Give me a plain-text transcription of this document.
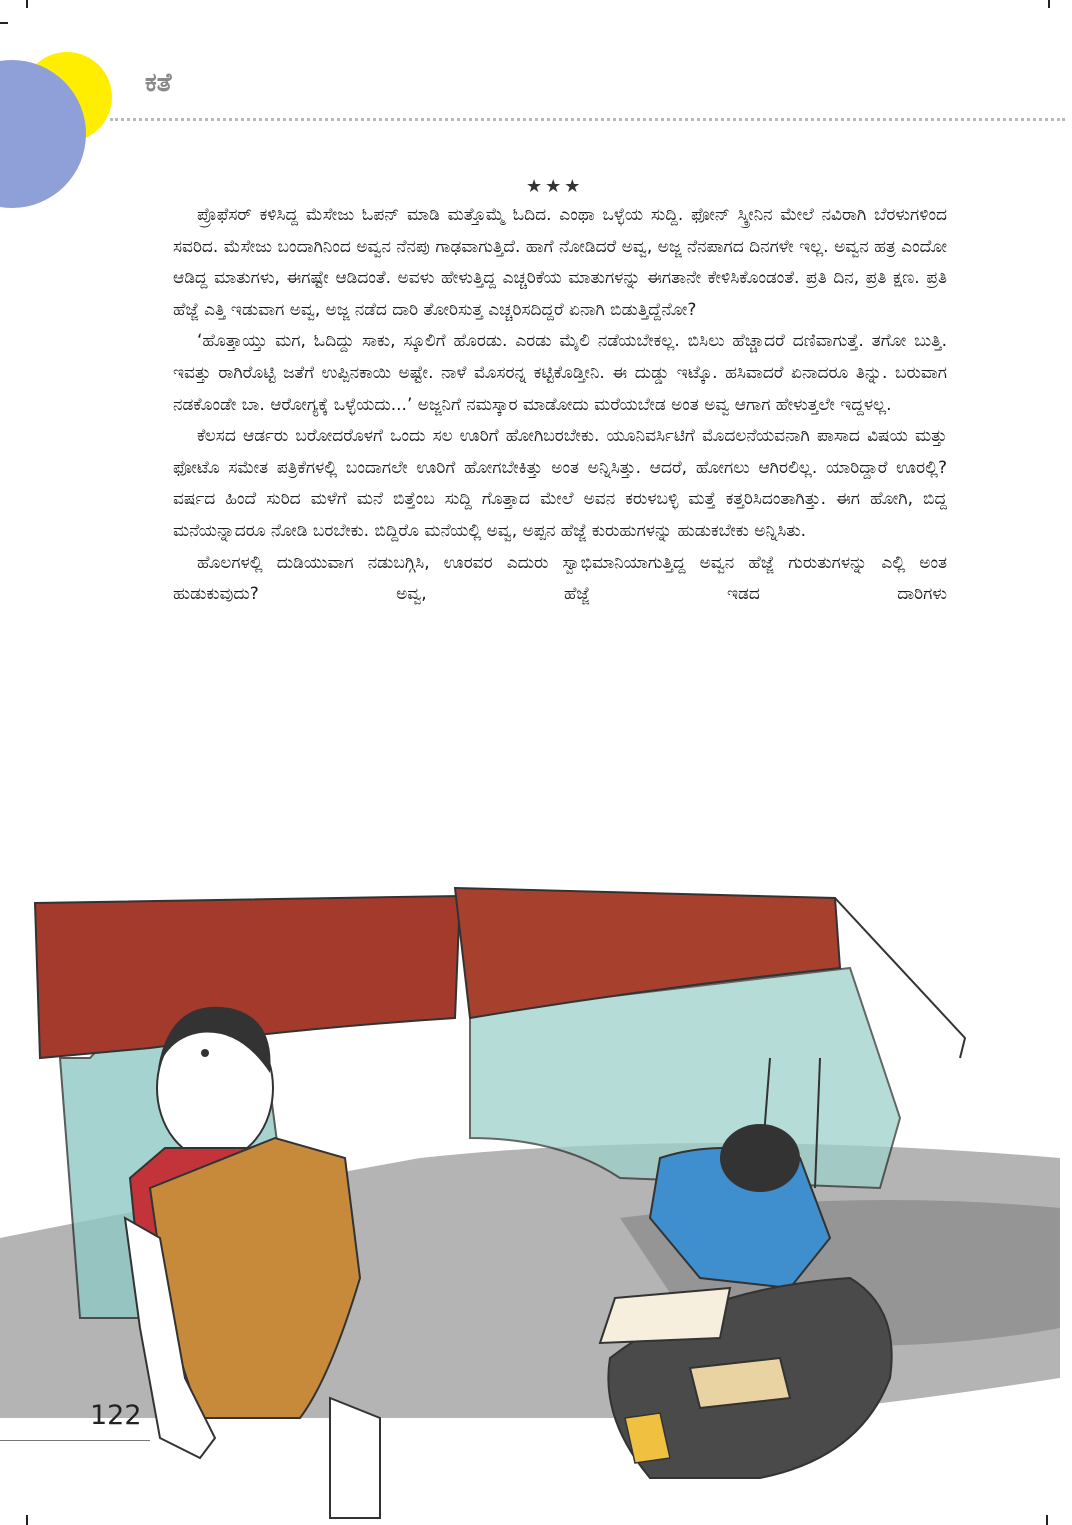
ಕತೆ
★★★

ಪ್ರೊಫೆಸರ್ ಕಳಿಸಿದ್ದ ಮೆಸೇಜು ಓಪನ್ ಮಾಡಿ ಮತ್ತೊಮ್ಮೆ ಓದಿದ. ಎಂಥಾ ಒಳ್ಳೆಯ ಸುದ್ದಿ. ಫೋನ್ ಸ್ಕ್ರೀನಿನ ಮೇಲೆ ನವಿರಾಗಿ ಬೆರಳುಗಳಿಂದ ಸವರಿದ. ಮೆಸೇಜು ಬಂದಾಗಿನಿಂದ ಅವ್ವನ ನೆನಪು ಗಾಢವಾಗುತ್ತಿದೆ. ಹಾಗೆ ನೋಡಿದರೆ ಅವ್ವ, ಅಜ್ಜ ನೆನಪಾಗದ ದಿನಗಳೇ ಇಲ್ಲ. ಅವ್ವನ ಹತ್ರ ಎಂದೋ ಆಡಿದ್ದ ಮಾತುಗಳು, ಈಗಷ್ಟೇ ಆಡಿದಂತೆ. ಅವಳು ಹೇಳುತ್ತಿದ್ದ ಎಚ್ಚರಿಕೆಯ ಮಾತುಗಳನ್ನು ಈಗತಾನೇ ಕೇಳಿಸಿಕೊಂಡಂತೆ. ಪ್ರತಿ ದಿನ, ಪ್ರತಿ ಕ್ಷಣ. ಪ್ರತಿ ಹೆಜ್ಜೆ ಎತ್ತಿ ಇಡುವಾಗ ಅವ್ವ, ಅಜ್ಜ ನಡೆದ ದಾರಿ ತೋರಿಸುತ್ತ ಎಚ್ಚರಿಸದಿದ್ದರೆ ಏನಾಗಿ ಬಿಡುತ್ತಿದ್ದೆನೋ?

‘ಹೊತ್ತಾಯ್ತು ಮಗ, ಓದಿದ್ದು ಸಾಕು, ಸ್ಕೂಲಿಗೆ ಹೊರಡು. ಎರಡು ಮೈಲಿ ನಡೆಯಬೇಕಲ್ಲ. ಬಿಸಿಲು ಹೆಚ್ಚಾದರೆ ದಣಿವಾಗುತ್ತೆ. ತಗೋ ಬುತ್ತಿ. ಇವತ್ತು ರಾಗಿರೊಟ್ಟಿ ಜತೆಗೆ ಉಪ್ಪಿನಕಾಯಿ ಅಷ್ಟೇ. ನಾಳೆ ಮೊಸರನ್ನ ಕಟ್ಟಿಕೊಡ್ತೀನಿ. ಈ ದುಡ್ಡು ಇಟ್ಕೊ. ಹಸಿವಾದರೆ ಏನಾದರೂ ತಿನ್ನು. ಬರುವಾಗ ನಡಕೊಂಡೇ ಬಾ. ಆರೋಗ್ಯಕ್ಕೆ ಒಳ್ಳೆಯದು...’ ಅಜ್ಜನಿಗೆ ನಮಸ್ಕಾರ ಮಾಡೋದು ಮರೆಯಬೇಡ ಅಂತ ಅವ್ವ ಆಗಾಗ ಹೇಳುತ್ತಲೇ ಇದ್ದಳಲ್ಲ.

ಕೆಲಸದ ಆರ್ಡರು ಬರೋದರೊಳಗೆ ಒಂದು ಸಲ ಊರಿಗೆ ಹೋಗಿಬರಬೇಕು. ಯೂನಿವರ್ಸಿಟಿಗೆ ಮೊದಲನೆಯವನಾಗಿ ಪಾಸಾದ ವಿಷಯ ಮತ್ತು ಫೋಟೊ ಸಮೇತ ಪತ್ರಿಕೆಗಳಲ್ಲಿ ಬಂದಾಗಲೇ ಊರಿಗೆ ಹೋಗಬೇಕಿತ್ತು ಅಂತ ಅನ್ನಿಸಿತ್ತು. ಆದರೆ, ಹೋಗಲು ಆಗಿರಲಿಲ್ಲ. ಯಾರಿದ್ದಾರೆ ಊರಲ್ಲಿ? ವರ್ಷದ ಹಿಂದೆ ಸುರಿದ ಮಳೆಗೆ ಮನೆ ಬಿತ್ತೆಂಬ ಸುದ್ದಿ ಗೊತ್ತಾದ ಮೇಲೆ ಅವನ ಕರುಳಬಳ್ಳಿ ಮತ್ತೆ ಕತ್ತರಿಸಿದಂತಾಗಿತ್ತು. ಈಗ ಹೋಗಿ, ಬಿದ್ದ ಮನೆಯನ್ನಾದರೂ ನೋಡಿ ಬರಬೇಕು. ಬಿದ್ದಿರೊ ಮನೆಯಲ್ಲಿ ಅವ್ವ, ಅಪ್ಪನ ಹೆಜ್ಜೆ ಕುರುಹುಗಳನ್ನು ಹುಡುಕಬೇಕು ಅನ್ನಿಸಿತು.

ಹೊಲಗಳಲ್ಲಿ ದುಡಿಯುವಾಗ ನಡುಬಗ್ಗಿಸಿ, ಊರವರ ಎದುರು ಸ್ವಾಭಿಮಾನಿಯಾಗುತ್ತಿದ್ದ ಅವ್ವನ ಹೆಜ್ಜೆ ಗುರುತುಗಳನ್ನು ಎಲ್ಲಿ ಅಂತ ಹುಡುಕುವುದು? ಅವ್ವ, ಹೆಜ್ಜೆ ಇಡದ ದಾರಿಗಳು

122
